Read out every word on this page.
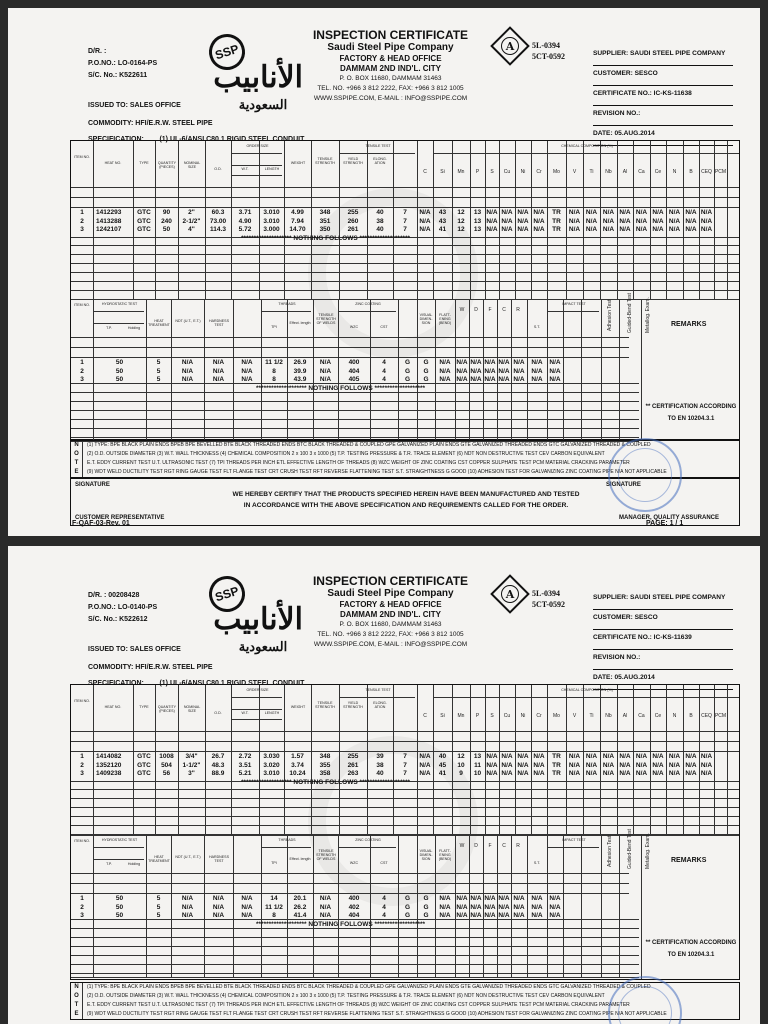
D/R. :
P.O.NO.: LO-0164-PS
S/C. No.: K522611
ISSUED TO: SALES OFFICE
COMMODITY: HFI/E.R.W. STEEL PIPE
SPECIFICATION: (1) UL-6/ANSI C80.1 RIGID STEEL CONDUIT
SSP
الأنابيب
السعودية
INSPECTION CERTIFICATE
Saudi Steel Pipe Company
FACTORY & HEAD OFFICE
DAMMAM 2ND IND'L. CITY
P. O. BOX 11680, DAMMAM 31463
TEL. NO. +966 3 812 2222, FAX: +966 3 812 1005
WWW.SSPIPE.COM, E-MAIL : INFO@SSPIPE.COM
A	5L-0394
5CT-0592	SUPPLIER: SAUDI STEEL PIPE COMPANY
CUSTOMER: SESCO
CERTIFICATE NO.: IC-KS-11638
REVISION NO.:
DATE: 05.AUG.2014
ITEM NO.
HEAT NO.	TYPE	QUANTITY (PIECES)
NOMINAL SIZE
ORDER SIZE
O.D.	W.T.	LENGTH
WEIGHT
TENSILE TEST
TENSILE STRENGTH
YIELD STRENGTH
ELONG. ATION
CHEMICAL COMPOSITION (%)
C	Si	Mn	P	S	Cu	Ni	Cr	Mo	V	Ti	Nb	Al	Ca	Ce	N	B	CEQ PCM
1	1412293	GTC	90	2"	60.3	3.71	3.010	4.99	348	255	40	7	N/A	43	12	13 N/A N/A N/A N/A	TR	N/A N/A N/A N/A N/A N/A N/A N/A N/A
2	1413288	GTC	240	2-1/2"	73.00	4.90	3.010	7.94	351	260	38	7	N/A	43	12	13 N/A N/A N/A N/A	TR	N/A N/A N/A N/A N/A N/A N/A N/A N/A
3	1242107	GTC	50	4"	114.3	5.72	3.000	14.70	350	261	40	7	N/A	41	12	13 N/A N/A N/A N/A	TR	N/A N/A N/A N/A N/A N/A N/A N/A N/A
******************** NOTHING FOLLOWS ********************
ITEM NO.	HYDROSTATIC TEST
T.P.	Holding
HEAT TREATMENT
NDT (U.T., E.T.)	HARDNESS TEST
THREADS
TPI
Effect. length
TENSILE STRENGTH OF WELDS
ZINC COATING
WZC	CST
VISUAL DIMEN-SION
FLATT-ENING (BEND)
W	D	F	C	R
S.T.
IMPACT TEST	Adhesion Test	Guided-Bend Test Metallog. Exam.	REMARKS
1	50	5	N/A	N/A	N/A	11 1/2	26.9	N/A	400	4	G	G	N/A N/A N/A N/A N/A N/A	N/A	N/A
2	50	5	N/A	N/A	N/A	8	39.9	N/A	404	4	G	G	N/A N/A N/A N/A N/A N/A	N/A	N/A
3	50	5	N/A	N/A	N/A	8	43.9	N/A	405	4	G	G	N/A N/A N/A N/A N/A N/A	N/A	N/A
******************** NOTHING FOLLOWS ********************
** CERTIFICATION ACCORDING
TO EN 10204.3.1
N (1) TYPE: BPE BLACK PLAIN ENDS BPEB BPE BEVELLED BTE BLACK THREADED ENDS BTC BLACK THREADED & COUPLED GPE GALVANIZED PLAIN ENDS GTE GALVANIZED THREADED ENDS GTC GALVANIZED THREADED & COUPLED
O (2) O.D. OUTSIDE DIAMETER (3) W.T. WALL THICKNESS (4) CHEMICAL COMPOSITION 2 x 100 3 x 1000 (5) T.P. TESTING PRESSURE & T.R. TRACE ELEMENT (6) NDT NON DESTRUCTIVE TEST CEV CARBON EQUIVALENT
T E.T. EDDY CURRENT TEST U.T. ULTRASONIC TEST (7) TPI THREADS PER INCH ETL EFFECTIVE LENGTH OF THREADS (8) WZC WEIGHT OF ZINC COATING CST COPPER SULPHATE TEST PCM MATERIAL CRACKING PARAMETER
E (9) WDT WELD DUCTILITY TEST RGT RING GAUGE TEST FLT FLANGE TEST CRT CRUSH TEST RFT REVERSE FLATTENING TEST S.T. STRAIGHTNESS G GOOD (10) ADHESION TEST FOR GALVANIZING ZINC COATING PIPE N/A NOT APPLICABLE
SIGNATURE
CUSTOMER REPRESENTATIVE
WE HEREBY CERTIFY THAT THE PRODUCTS SPECIFIED HEREIN HAVE BEEN MANUFACTURED AND TESTED
IN ACCORDANCE WITH THE ABOVE SPECIFICATION AND REQUIREMENTS CALLED FOR THE ORDER.
SIGNATURE
MANAGER, QUALITY ASSURANCE
F-QAF-03-Rev. 01	PAGE: 1 / 1
D/R. : 00208428
P.O.NO.: LO-0140-PS
S/C. No.: K522612
ISSUED TO: SALES OFFICE
COMMODITY: HFI/E.R.W. STEEL PIPE
SPECIFICATION: (1) UL-6/ANSI C80.1 RIGID STEEL CONDUIT
SSP
الأنابيب
السعودية
INSPECTION CERTIFICATE
Saudi Steel Pipe Company
FACTORY & HEAD OFFICE
DAMMAM 2ND IND'L. CITY
P. O. BOX 11680, DAMMAM 31463
TEL. NO. +966 3 812 2222, FAX: +966 3 812 1005
WWW.SSPIPE.COM, E-MAIL : INFO@SSPIPE.COM
A	5L-0394
5CT-0592
SUPPLIER: SAUDI STEEL PIPE COMPANY
CUSTOMER: SESCO
CERTIFICATE NO.: IC-KS-11639
REVISION NO.:
DATE: 05.AUG.2014
ITEM NO.
HEAT NO.	TYPE	QUANTITY (PIECES)
NOMINAL SIZE
ORDER SIZE
O.D.	W.T.	LENGTH
WEIGHT
TENSILE TEST
TENSILE STRENGTH
YIELD STRENGTH
ELONG. ATION
CHEMICAL COMPOSITION (%)
C	Si	Mn	P	S	Cu	Ni	Cr	Mo	V	Ti	Nb	Al	Ca	Ce	N	B	CEQ PCM
1	1414082	GTC	1008	3/4"	26.7	2.72	3.030	1.57	348	255	39	7	N/A	40	12	13 N/A N/A N/A N/A	TR	N/A N/A N/A N/A N/A N/A N/A N/A N/A
2	1352120	GTC	504	1-1/2"	48.3	3.51	3.020	3.74	355	261	38	7	N/A	45	10	11 N/A N/A N/A N/A	TR	N/A N/A N/A N/A N/A N/A N/A N/A N/A
3	1409238	GTC	56	3"	88.9	5.21	3.010	10.24	358	263	40	7	N/A	41	9	10 N/A N/A N/A N/A	TR	N/A N/A N/A N/A N/A N/A N/A N/A N/A
******************** NOTHING FOLLOWS ********************
ITEM NO.	HYDROSTATIC TEST
T.P.	Holding
HEAT TREATMENT
NDT (U.T., E.T.)	HARDNESS TEST
THREADS
TPI
Effect. length
TENSILE STRENGTH OF WELDS
ZINC COATING
WZC	CST
VISUAL DIMEN-SION
FLATT-ENING (BEND)
W	D	F	C	R
S.T.
IMPACT TEST	Adhesion Test	Guided-Bend Test Metallog. Exam.	REMARKS
1	50	5	N/A	N/A	N/A	14	20.1	N/A	400	4	G	G	N/A N/A N/A N/A N/A N/A	N/A	N/A
2	50	5	N/A	N/A	N/A	11 1/2	26.2	N/A	402	4	G	G	N/A N/A N/A N/A N/A N/A	N/A	N/A
3	50	5	N/A	N/A	N/A	8	41.4	N/A	404	4	G	G	N/A N/A N/A N/A N/A N/A	N/A	N/A
******************** NOTHING FOLLOWS ********************
** CERTIFICATION ACCORDING
TO EN 10204.3.1
N (1) TYPE: BPE BLACK PLAIN ENDS BPEB BPE BEVELLED BTE BLACK THREADED ENDS BTC BLACK THREADED & COUPLED GPE GALVANIZED PLAIN ENDS GTE GALVANIZED THREADED ENDS GTC GALVANIZED THREADED & COUPLED
O (2) O.D. OUTSIDE DIAMETER (3) W.T. WALL THICKNESS (4) CHEMICAL COMPOSITION 2 x 100 3 x 1000 (5) T.P. TESTING PRESSURE & T.R. TRACE ELEMENT (6) NDT NON DESTRUCTIVE TEST CEV CARBON EQUIVALENT
T E.T. EDDY CURRENT TEST U.T. ULTRASONIC TEST (7) TPI THREADS PER INCH ETL EFFECTIVE LENGTH OF THREADS (8) WZC WEIGHT OF ZINC COATING CST COPPER SULPHATE TEST PCM MATERIAL CRACKING PARAMETER
E (9) WDT WELD DUCTILITY TEST RGT RING GAUGE TEST FLT FLANGE TEST CRT CRUSH TEST RFT REVERSE FLATTENING TEST S.T. STRAIGHTNESS G GOOD (10) ADHESION TEST FOR GALVANIZING ZINC COATING PIPE N/A NOT APPLICABLE
